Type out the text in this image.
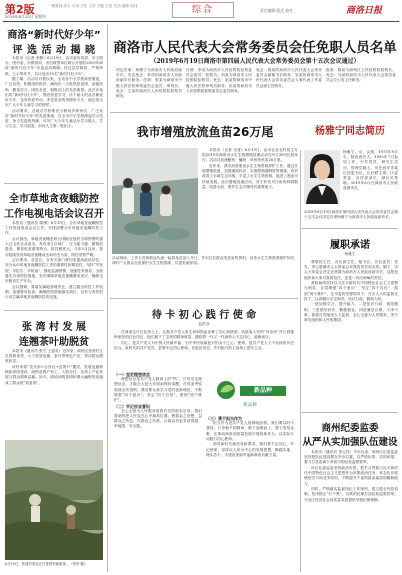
第2版	一版要闻 综合 市场 文化 文体 专题 区县 生活 健康 周刊
2019年6月20日 星期四
综合	责任编辑 版式 校对	商洛日报
商洛“新时代好少年”
评 选 活 动 揭 晓

本报讯（记者 李静）6月19日，由市委宣传部、市文明办、团市委、市教育局、市妇联等单位联合开展的2019年商洛“新时代好少年”评选活动揭晓。经过层层推荐、严格审核、公示等环节，共评选出10名“新时代好少年”。

据了解，活动自开展以来，全市各中小学校高度重视，广泛宣传，积极组织推荐，涌现出一大批热爱祖国、品德高尚、勤奋学习、团结友爱、积极向上的先进典型。此次评选出的“新时代好少年”，既有热爱学习、乐于助人的品学兼优好少年，也有热爱劳动、孝老爱亲的美德好少年，他们是全市广大少年儿童学习的榜样。

活动要求，各地各学校要充分利用多种形式，广泛宣传“新时代好少年”的先进事迹，在全市中小学校掀起学习先进、争当先进的热潮，引导广大少年儿童从小学习做人、学习立志、学习创造，扣好人生第一粒扣子。

全市草地贪夜蛾防控
工作电视电话会议召开

本报讯（通讯员 陈博）6月19日，全市草地贪夜蛾防控工作电视电话会议召开，安排部署全市草地贪夜蛾防控工作。

会议指出，草地贪夜蛾是联合国粮农组织全球预警的重大迁飞性农业害虫，具有适生区域广、迁飞能力强、繁殖倍数高、暴食危害重等特点，防控难度大。今年5月以来，我市陆续发现草地贪夜蛾成虫和幼虫为害，防控形势严峻。

会议要求，各县区、各有关部门要切实提高政治站位，充分认识草地贪夜蛾防控工作的重要性和紧迫性，坚持“早发现、早报告、早防治”，强化监测预警，加强技术指导，全面落实各项防控措施，坚决遏制草地贪夜蛾暴发成灾，确保全市粮食生产安全。

会议强调，要落实属地管理责任，建立健全防控工作机制，加强督导检查，确保防控措施落实到位，以有力有效的行动打赢草地贪夜蛾防控攻坚战。

张 湾 村 发 展
连翘茶叶助脱贫

本报讯（通讯员 张宏 王道英）近年来，商州区张湾村立足资源优势，大力发展连翘、茶叶等特色产业，带动群众增收致富。

该村采取“党支部+合作社+贫困户”模式，发展连翘种植和茶园建设，吸纳贫困户务工、入股分红，实现了产业发展与群众增收双赢。如今，绿油油的茶园和漫山遍野的连翘成了群众的“致富园”。

6月19日，张湾村茶农正在茶园采摘夏茶。（郑荣 摄）
商洛市人民代表大会常务委员会任免职人员名单
（2019年6月19日商洛市第四届人民代表大会常务委员会第十五次会议通过）
决定任命：杨雅宁为商洛市人民政府副市长。决定免去：李彦的商洛市人民政府副市长职务。任命：张某为商洛市中级人民法院审判委员会委员、审判员；免去：王某的商洛市人民检察院检察员职务。
任命：李某为商洛市人民检察院检察委员会委员、检察员；刘某为商洛市人民检察院检察员。免去：赵某的商洛市中级人民法院审判员职务；孙某的商洛市人民检察院检察委员会委员职务。
免去：周某的商洛市人民代表大会常务委员会副秘书长职务；吴某的商洛市人民代表大会常务委员会人事代表工作委员会副主任职务。
批准：陈某为商州区人民检察院检察长。免去：马某的商洛市人民代表大会常务委员会办公室主任职务。
我市增殖放流鱼苗26万尾

本报讯（记者 吴青）6月19日，由市农业农村局主办的2019年商洛市水生生物增殖放流活动在丹江商州区段举行。活动共放流鲢鱼、鳙鱼、草鱼等鱼苗26万尾。

近年来，我市高度重视水生生物资源养护工作，通过开展增殖放流、加强渔政执法、实施禁渔期制度等措施，有效改善了水域生态环境，丰富了水生生物资源，促进了渔业可持续发展。此次增殖放流活动，对于补充丹江鱼类种群数量、改善水质、维护生态平衡具有重要意义。

活动现场，工作人员和群众代表一起将鱼苗放入丹江，并向过往群众发放宣传资料，宣传水生生物资源保护知识，呼吁广大群众自觉保护水生生物资源，共建美丽家园。
杨雅宁同志简历
杨雅宁，女，汉族，1973年9月生，陕西西安人，1995年7月参加工作，中共党员，研究生学历，管理学硕士。历任西安市某区团委书记、区妇联主席，区委常委、宣传部部长，副区长等职。2019年6月任商洛市人民政府副市长。
2019年6月19日商洛市第四届人民代表大会常务委员会第十五次会议决定任命杨雅宁为商洛市人民政府副市长。
履职承诺
杨雅宁

尊敬的主任、各位副主任、秘书长，各位委员：首先，衷心感谢市人大常委会对我的信任和支持。刚才，市人大常委会决定任命我为商洛市人民政府副市长，这既是组织和大家对我的信任，更是一份沉甸甸的责任。

我将始终坚持以习近平新时代中国特色社会主义思想为指导，自觉增强“四个意识”、坚定“四个自信”、做到“两个维护”，在市委的坚强领导下，在市人大的监督支持下，认真履行法定职责，依法行政，勤政为民。

一是加强学习，提升能力。二是依法行政，规范履职。三是团结协作，勤勉敬业。四是廉洁自律，干净干事。我将自觉接受人大监督，全心全意为人民服务，决不辜负组织和人民的期望。

商州纪委监委
从严从实加强队伍建设

本报讯（通讯员 李云亮）今年以来，商州区纪委监委坚持把队伍建设摆在突出位置，以严的标准、实的举措，着力打造忠诚干净担当的纪检监察铁军。

该区纪委监委坚持政治引领，把学习贯彻习近平新时代中国特色社会主义思想作为首要政治任务，常态化开展理论学习和业务培训，不断提升干部的政治素质和履职能力。

同时，严格落实监督执纪工作规则，建立健全内控机制，坚决防止“灯下黑”，以铁的纪律打造纪检监察铁军，为全区经济社会高质量发展提供坚强纪律保障。

待 卡 初 心 践 行 使 命
赵洪彦

在商洛这片红色热土上，无数共产党人用生命和热血诠释了初心和使命。从陕南人民的“母亲河”丹江到秦岭深处的红色印记，他们留下了宝贵的精神财富，激励着一代又一代商洛人不忘初心、砥砺前行。

初心，是共产党人为中国人民谋幸福、为中华民族谋复兴的赤子之心；使命，是共产党人义不容辞的历史担当。新时代的共产党员，更要牢记初心使命，在脱贫攻坚、乡村振兴的主战场上建功立业。

（一）坚定理想信念

理想信念是共产党人精神上的“钙”。只有坚定理想信念，才能在大是大非面前保持清醒，在风浪考验面前无所畏惧。我们要认真学习党的创新理论，不断增强“四个意识”，坚定“四个自信”，做到“两个维护”。

（二）牢记宗旨意识

全心全意为人民服务是我们党的根本宗旨。我们要始终把人民放在心中最高位置，想群众之所想，急群众之所急，办群众之所需，让群众有更多获得感、幸福感、安全感。

新品种
新品种
（三）勇于担当作为

担当作为是共产党人的鲜明品格。我们要以时不我待、只争朝夕的精神，敢于迎难而上，勇于攻坚克难，在推动商洛高质量发展中展现新作为，以实际行动践行初心使命。

面对新时代新任务新要求，我们要不忘初心、牢记使命，坚持以人民为中心的发展思想，脚踏实地、埋头苦干，为建设美丽幸福新商洛贡献力量。
